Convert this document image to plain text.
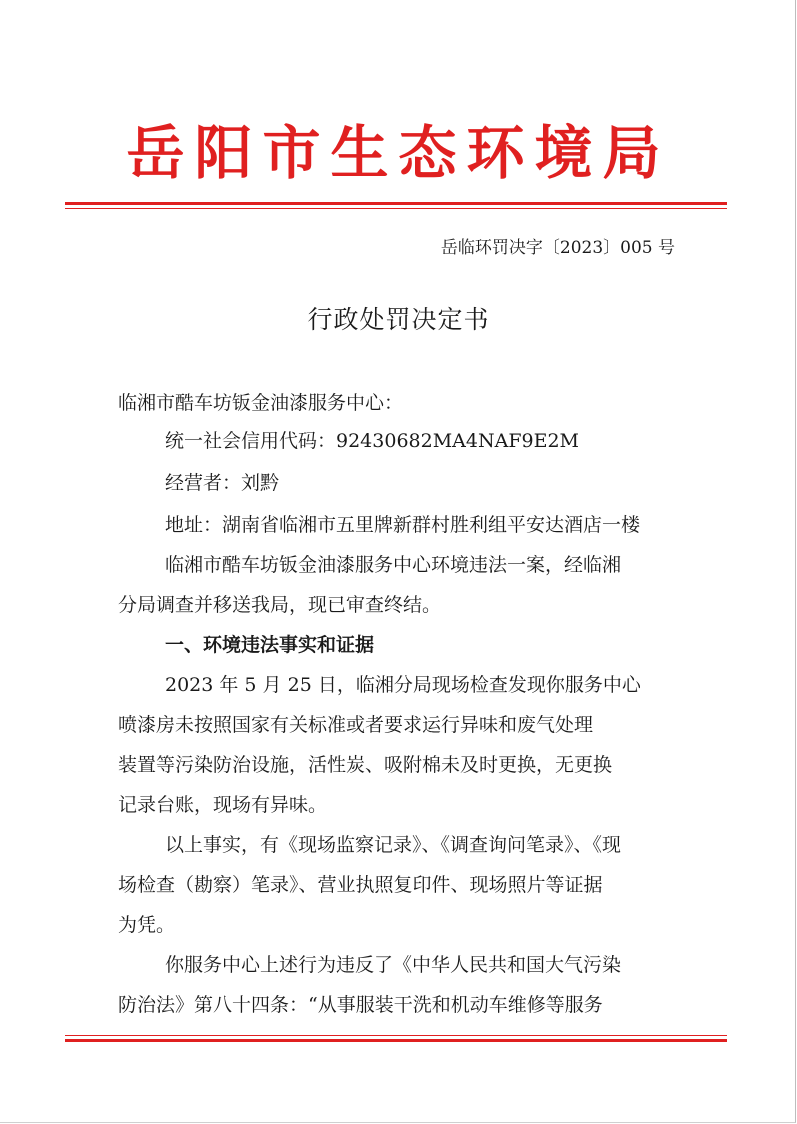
岳阳市生态环境局
岳临环罚决字〔2023〕005 号
行政处罚决定书
临湘市酷车坊钣金油漆服务中心：
统一社会信用代码：92430682MA4NAF9E2M
经营者：刘黔
地址：湖南省临湘市五里牌新群村胜利组平安达酒店一楼
临湘市酷车坊钣金油漆服务中心环境违法一案，经临湘
分局调查并移送我局，现已审查终结。
一、环境违法事实和证据
2023 年 5 月 25 日，临湘分局现场检查发现你服务中心
喷漆房未按照国家有关标准或者要求运行异味和废气处理
装置等污染防治设施，活性炭、吸附棉未及时更换，无更换
记录台账，现场有异味。
以上事实，有《现场监察记录》、《调查询问笔录》、《现
场检查（勘察）笔录》、营业执照复印件、现场照片等证据
为凭。
你服务中心上述行为违反了《中华人民共和国大气污染
防治法》第八十四条：“从事服装干洗和机动车维修等服务
